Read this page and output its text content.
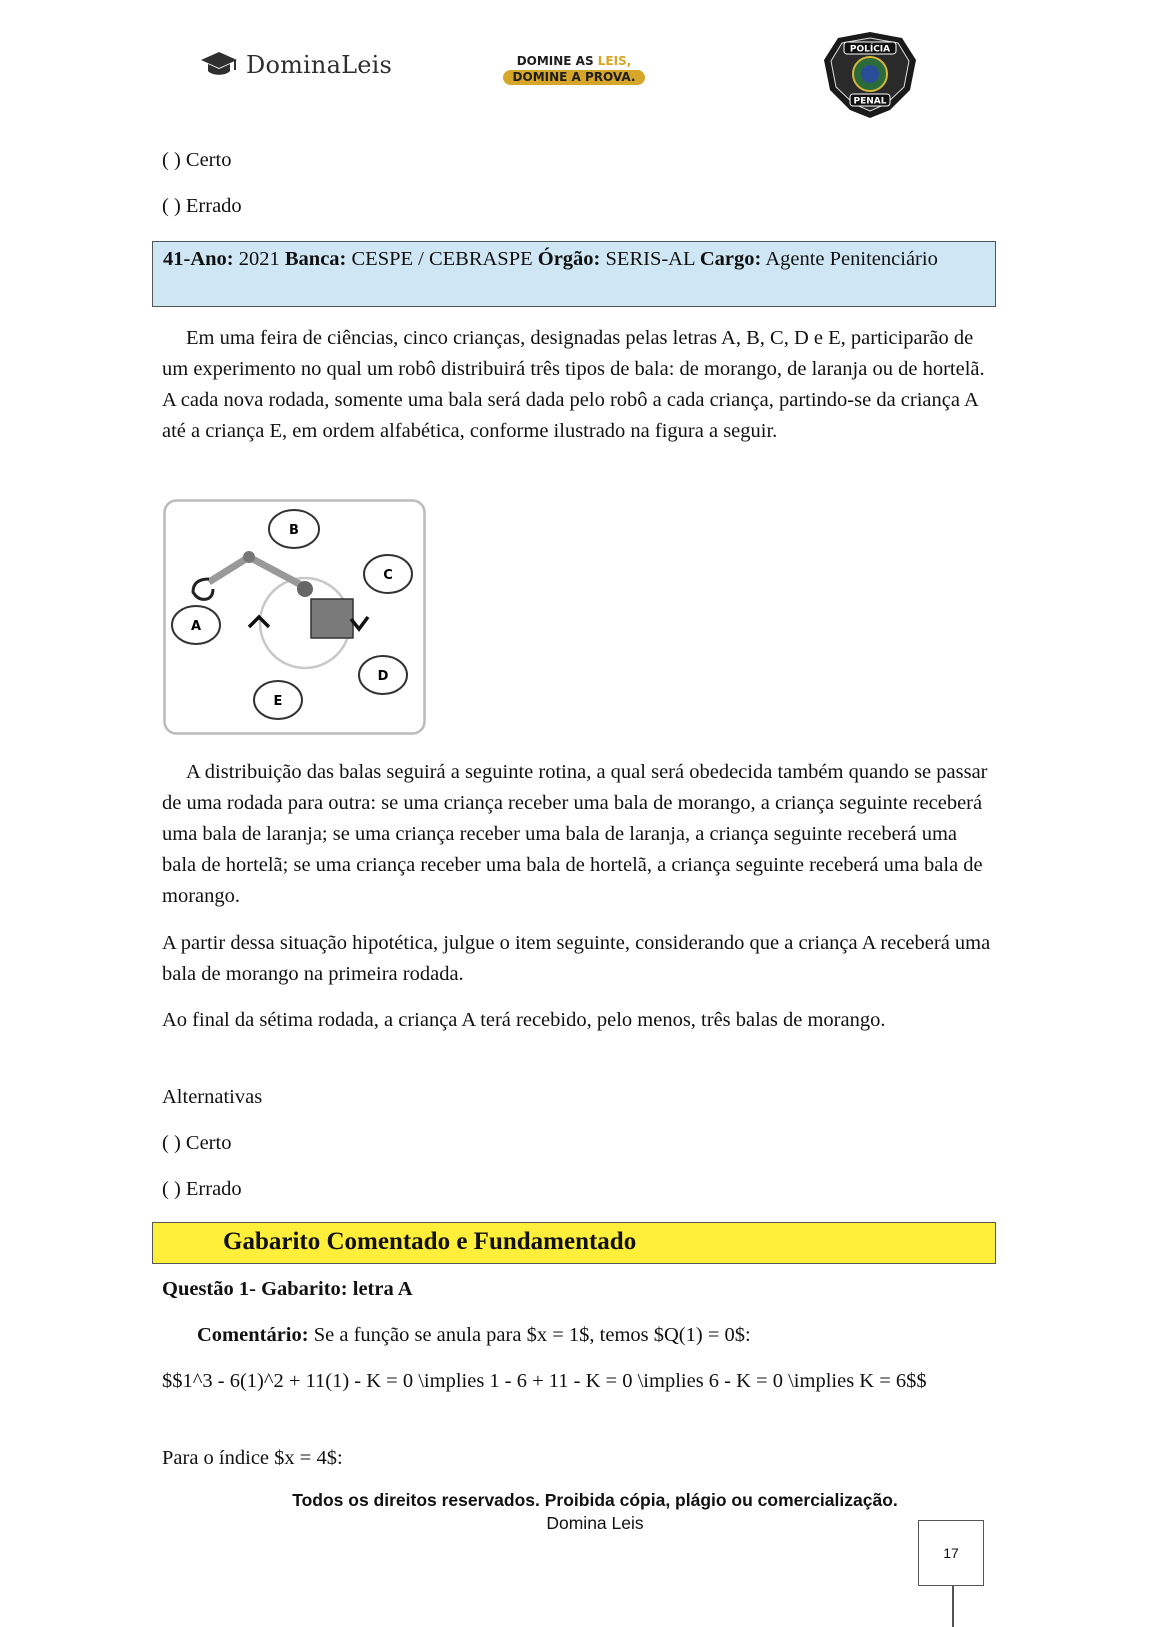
DominaLeis	DOMINE AS LEIS,
DOMINE A PROVA.
POLÍCIA
PENAL
( ) Certo
( ) Errado
41-Ano: 2021 Banca: CESPE / CEBRASPE Órgão: SERIS-AL Cargo: Agente Penitenciário
Em uma feira de ciências, cinco crianças, designadas pelas letras A, B, C, D e E, participarão de um experimento no qual um robô distribuirá três tipos de bala: de morango, de laranja ou de hortelã. A cada nova rodada, somente uma bala será dada pelo robô a cada criança, partindo-se da criança A até a criança E, em ordem alfabética, conforme ilustrado na figura a seguir.
B
C
A
D
E
A distribuição das balas seguirá a seguinte rotina, a qual será obedecida também quando se passar de uma rodada para outra: se uma criança receber uma bala de morango, a criança seguinte receberá uma bala de laranja; se uma criança receber uma bala de laranja, a criança seguinte receberá uma bala de hortelã; se uma criança receber uma bala de hortelã, a criança seguinte receberá uma bala de morango.
A partir dessa situação hipotética, julgue o item seguinte, considerando que a criança A receberá uma bala de morango na primeira rodada.
Ao final da sétima rodada, a criança A terá recebido, pelo menos, três balas de morango.
Alternativas
( ) Certo
( ) Errado
Gabarito Comentado e Fundamentado
Questão 1- Gabarito: letra A
Comentário: Se a função se anula para $x = 1$, temos $Q(1) = 0$:
$$1^3 - 6(1)^2 + 11(1) - K = 0 \implies 1 - 6 + 11 - K = 0 \implies 6 - K = 0 \implies K = 6$$
Para o índice $x = 4$:
Todos os direitos reservados. Proibida cópia, plágio ou comercialização.
Domina Leis
17
